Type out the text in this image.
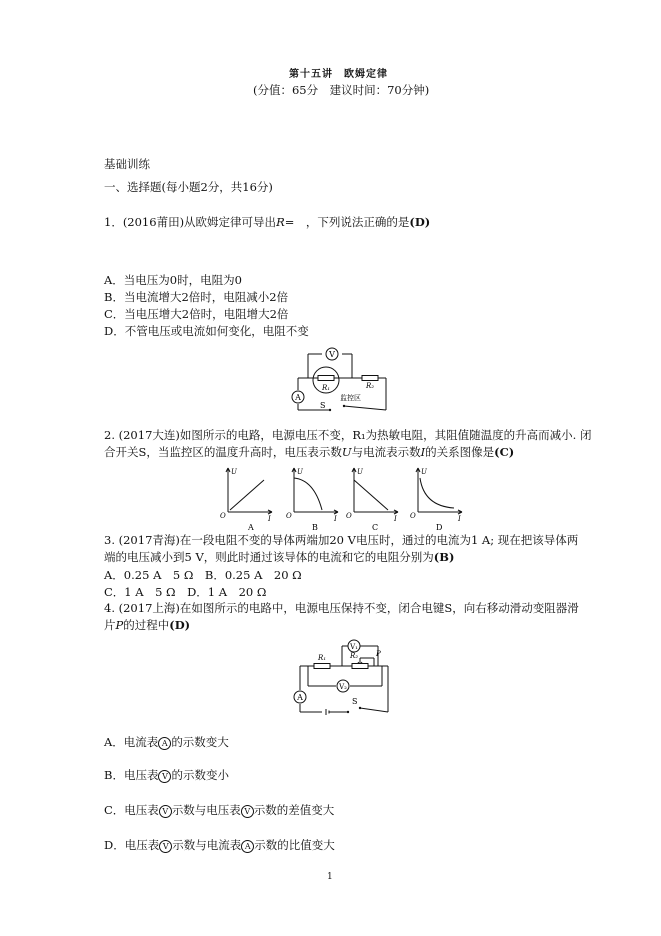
第十五讲　欧姆定律
(分值：65分　建议时间：70分钟)
基础训练
一、选择题(每小题2分，共16分)
1．(2016莆田)从欧姆定律可导出R=　，下列说法正确的是(D)
A．当电压为0时，电阻为0
B．当电流增大2倍时，电阻减小2倍
C．当电压增大2倍时，电阻增大2倍
D．不管电压或电流如何变化，电阻不变
V
R₁	R₂
监控区
A
S
2. (2017大连)如图所示的电路，电源电压不变，R₁为热敏电阻，其阻值随温度的升高而减小. 闭
合开关S，当监控区的温度升高时，电压表示数U与电流表示数I的关系图像是(C)
U
O	I
A
U
O	I
B
U
O	I
C
U
O	I
D
3. (2017青海)在一段电阻不变的导体两端加20 V电压时，通过的电流为1 A; 现在把该导体两
端的电压减小到5 V，则此时通过该导体的电流和它的电阻分别为(B)
A．0.25 A　5 Ω　B．0.25 A　20 Ω
C．1 A　5 Ω　D．1 A　20 Ω
4. (2017上海)在如图所示的电路中，电源电压保持不变，闭合电键S，向右移动滑动变阻器滑
片P的过程中(D)
R₁	R₂	P
V₁
V₂
A	S
A．电流表 A 的示数变大
B．电压表 V 的示数变小
C．电压表 V 示数与电压表 V 示数的差值变大
D．电压表 V 示数与电流表 A 示数的比值变大
1
